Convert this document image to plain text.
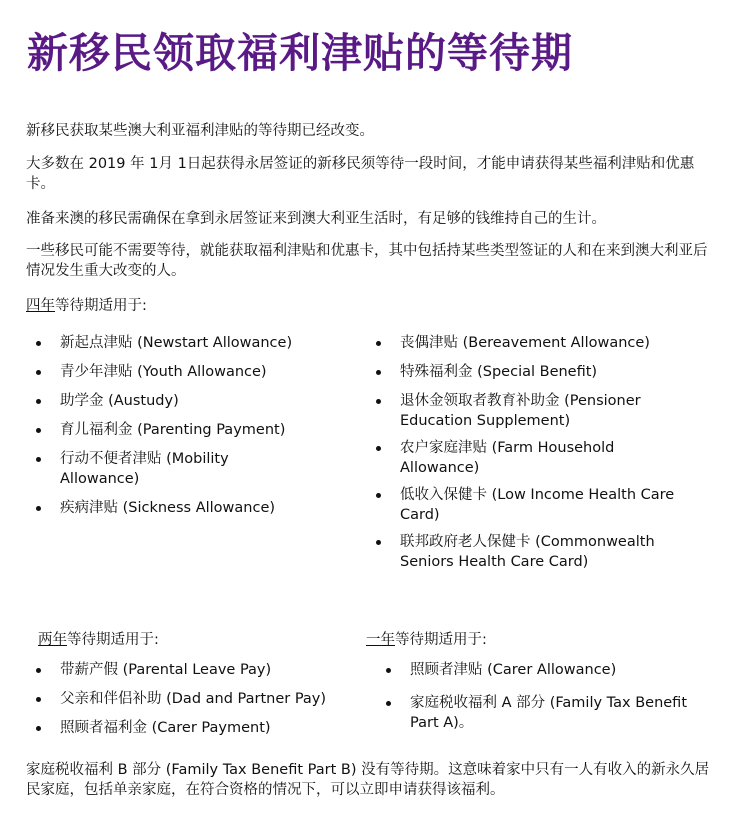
新移民领取福利津贴的等待期

新移民获取某些澳大利亚福利津贴的等待期已经改变。

大多数在 2019 年 1月 1日起获得永居签证的新移民须等待一段时间，才能申请获得某些福利津贴和优惠卡。

准备来澳的移民需确保在拿到永居签证来到澳大利亚生活时，有足够的钱维持自己的生计。

一些移民可能不需要等待，就能获取福利津贴和优惠卡，其中包括持某些类型签证的人和在来到澳大利亚后情况发生重大改变的人。

四年等待期适用于:

新起点津贴 (Newstart Allowance)
青少年津贴 (Youth Allowance)
助学金 (Austudy)
育儿福利金 (Parenting Payment)
行动不便者津贴 (Mobility Allowance)
疾病津贴 (Sickness Allowance)
丧偶津贴 (Bereavement Allowance)
特殊福利金 (Special Benefit)
退休金领取者教育补助金 (Pensioner Education Supplement)
农户家庭津贴 (Farm Household Allowance)
低收入保健卡 (Low Income Health Care Card)
联邦政府老人保健卡 (Commonwealth Seniors Health Care Card)

两年等待期适用于:

带薪产假 (Parental Leave Pay)
父亲和伴侣补助 (Dad and Partner Pay)
照顾者福利金 (Carer Payment)

一年等待期适用于:

照顾者津贴 (Carer Allowance)
家庭税收福利 A 部分 (Family Tax Benefit Part A)。

家庭税收福利 B 部分 (Family Tax Benefit Part B) 没有等待期。这意味着家中只有一人有收入的新永久居民家庭，包括单亲家庭，在符合资格的情况下，可以立即申请获得该福利。
